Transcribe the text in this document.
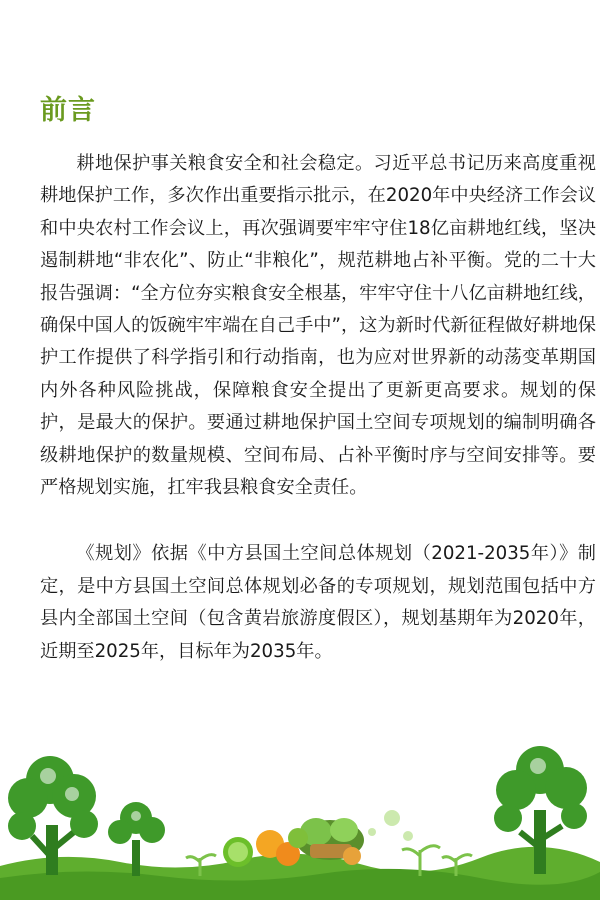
前言

耕地保护事关粮食安全和社会稳定。习近平总书记历来高度重视耕地保护工作，多次作出重要指示批示，在2020年中央经济工作会议和中央农村工作会议上，再次强调要牢牢守住18亿亩耕地红线，坚决遏制耕地“非农化”、防止“非粮化”，规范耕地占补平衡。党的二十大报告强调：“全方位夯实粮食安全根基，牢牢守住十八亿亩耕地红线，确保中国人的饭碗牢牢端在自己手中”，这为新时代新征程做好耕地保护工作提供了科学指引和行动指南，也为应对世界新的动荡变革期国内外各种风险挑战，保障粮食安全提出了更新更高要求。规划的保护，是最大的保护。要通过耕地保护国土空间专项规划的编制明确各级耕地保护的数量规模、空间布局、占补平衡时序与空间安排等。要严格规划实施，扛牢我县粮食安全责任。

《规划》依据《中方县国土空间总体规划（2021-2035年）》制定，是中方县国土空间总体规划必备的专项规划，规划范围包括中方县内全部国土空间（包含黄岩旅游度假区），规划基期年为2020年，近期至2025年，目标年为2035年。
